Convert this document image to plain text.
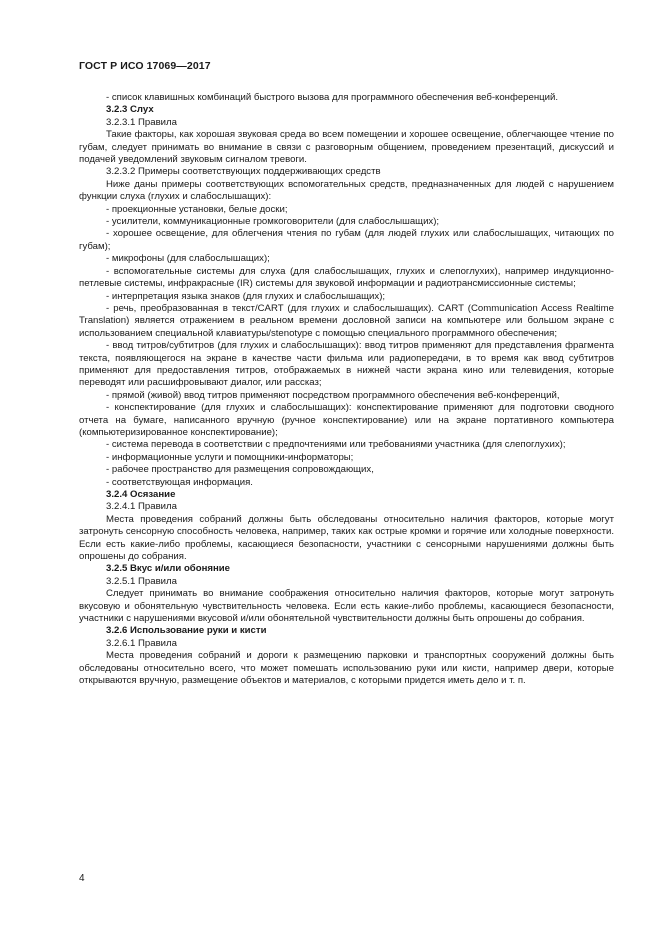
ГОСТ Р ИСО 17069—2017
- список клавишных комбинаций быстрого вызова для программного обеспечения веб-конференций.
3.2.3 Слух
3.2.3.1 Правила
Такие факторы, как хорошая звуковая среда во всем помещении и хорошее освещение, облегчающее чтение по губам, следует принимать во внимание в связи с разговорным общением, проведением презентаций, дискуссий и подачей уведомлений звуковым сигналом тревоги.
3.2.3.2 Примеры соответствующих поддерживающих средств
Ниже даны примеры соответствующих вспомогательных средств, предназначенных для людей с нарушением функции слуха (глухих и слабослышащих):
- проекционные установки, белые доски;
- усилители, коммуникационные громкоговорители (для слабослышащих);
- хорошее освещение, для облегчения чтения по губам (для людей глухих или слабослышащих, читающих по губам);
- микрофоны (для слабослышащих);
- вспомогательные системы для слуха (для слабослышащих, глухих и слепоглухих), например индукционно-петлевые системы, инфракрасные (IR) системы для звуковой информации и радиотрансмиссионные системы;
- интерпретация языка знаков (для глухих и слабослышащих);
- речь, преобразованная в текст/CART (для глухих и слабослышащих). CART (Communication Access Realtime Translation) является отражением в реальном времени дословной записи на компьютере или большом экране с использованием специальной клавиатуры/stenotype с помощью специального программного обеспечения;
- ввод титров/субтитров (для глухих и слабослышащих): ввод титров применяют для представления фрагмента текста, появляющегося на экране в качестве части фильма или радиопередачи, в то время как ввод субтитров применяют для предоставления титров, отображаемых в нижней части экрана кино или телевидения, которые переводят или расшифровывают диалог, или рассказ;
- прямой (живой) ввод титров применяют посредством программного обеспечения веб-конференций,
- конспектирование (для глухих и слабослышащих): конспектирование применяют для подготовки сводного отчета на бумаге, написанного вручную (ручное конспектирование) или на экране портативного компьютера (компьютеризированное конспектирование);
- система перевода в соответствии с предпочтениями или требованиями участника (для слепоглухих);
- информационные услуги и помощники-информаторы;
- рабочее пространство для размещения сопровождающих,
- соответствующая информация.
3.2.4 Осязание
3.2.4.1 Правила
Места проведения собраний должны быть обследованы относительно наличия факторов, которые могут затронуть сенсорную способность человека, например, таких как острые кромки и горячие или холодные поверхности. Если есть какие-либо проблемы, касающиеся безопасности, участники с сенсорными нарушениями должны быть опрошены до собрания.
3.2.5 Вкус и/или обоняние
3.2.5.1 Правила
Следует принимать во внимание соображения относительно наличия факторов, которые могут затронуть вкусовую и обонятельную чувствительность человека. Если есть какие-либо проблемы, касающиеся безопасности, участники с нарушениями вкусовой и/или обонятельной чувствительности должны быть опрошены до собрания.
3.2.6 Использование руки и кисти
3.2.6.1 Правила
Места проведения собраний и дороги к размещению парковки и транспортных сооружений должны быть обследованы относительно всего, что может помешать использованию руки или кисти, например двери, которые открываются вручную, размещение объектов и материалов, с которыми придется иметь дело и т. п.
4
